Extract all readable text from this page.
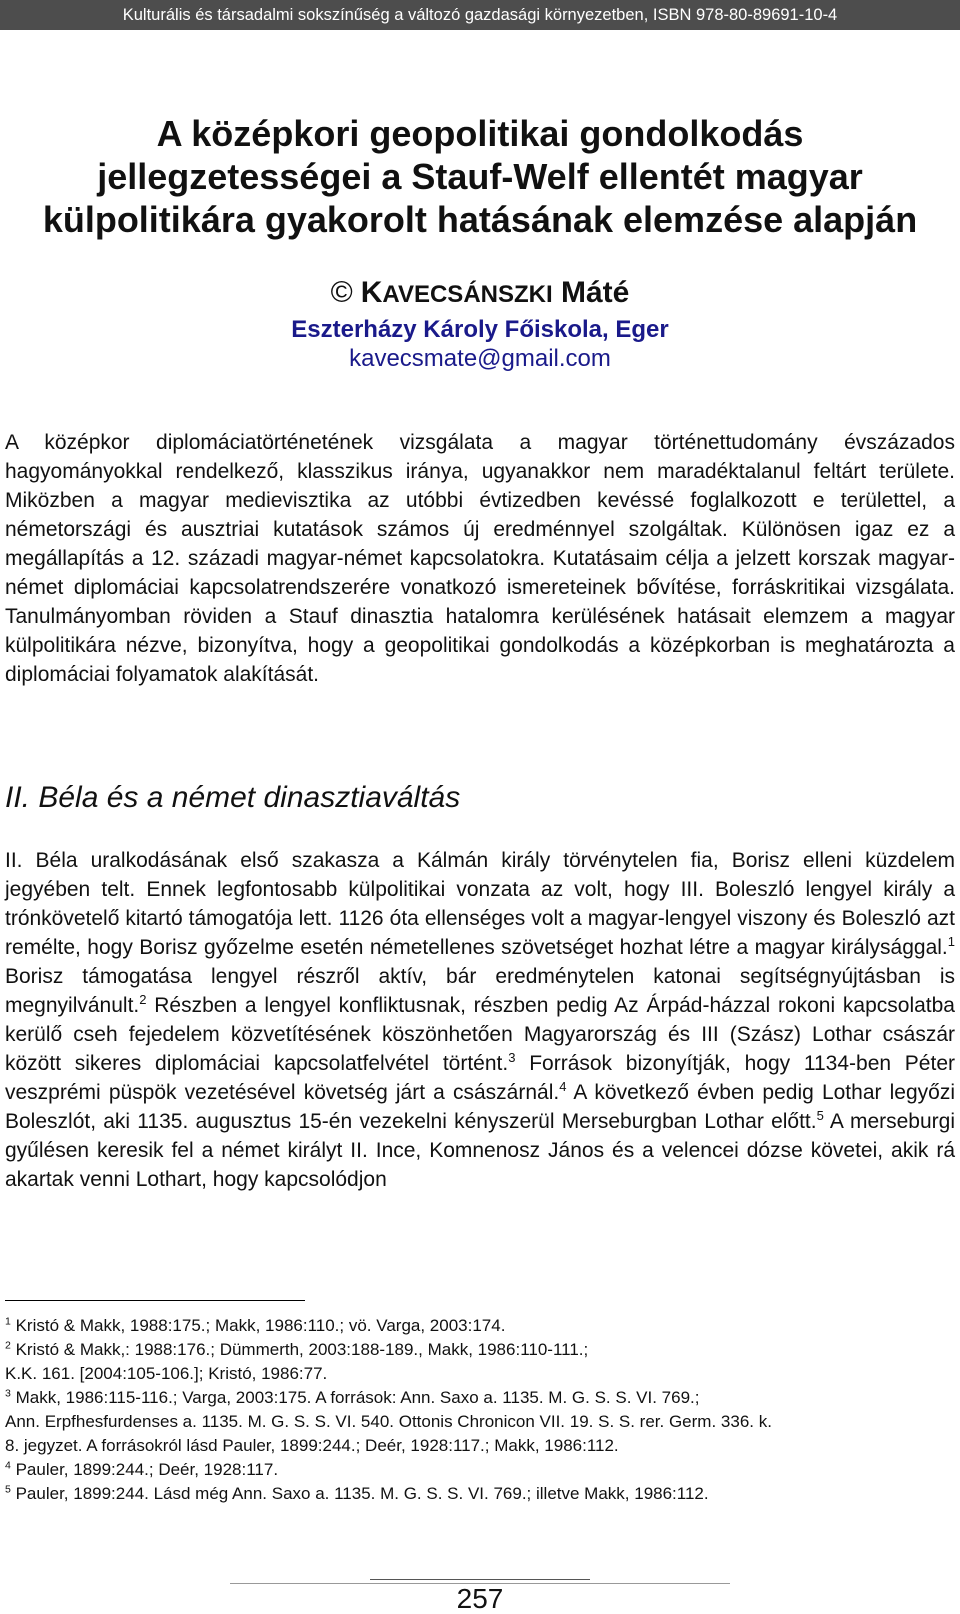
Kulturális és társadalmi sokszínűség a változó gazdasági környezetben, ISBN 978-80-89691-10-4
A középkori geopolitikai gondolkodás jellegzetességei a Stauf-Welf ellentét magyar külpolitikára gyakorolt hatásának elemzése alapján
© KAVECSÁNSZKI Máté
Eszterházy Károly Főiskola, Eger
kavecsmate@gmail.com
A középkor diplomáciatörténetének vizsgálata a magyar történettudomány évszázados hagyományokkal rendelkező, klasszikus iránya, ugyanakkor nem maradéktalanul feltárt területe. Miközben a magyar medievisztika az utóbbi évtizedben kevéssé foglalkozott e területtel, a németországi és ausztriai kutatások számos új eredménnyel szolgáltak. Különösen igaz ez a megállapítás a 12. századi magyar-német kapcsolatokra. Kutatásaim célja a jelzett korszak magyar-német diplomáciai kapcsolatrendszerére vonatkozó ismereteinek bővítése, forráskritikai vizsgálata. Tanulmányomban röviden a Stauf dinasztia hatalomra kerülésének hatásait elemzem a magyar külpolitikára nézve, bizonyítva, hogy a geopolitikai gondolkodás a középkorban is meghatározta a diplomáciai folyamatok alakítását.
II. Béla és a német dinasztiaváltás
II. Béla uralkodásának első szakasza a Kálmán király törvénytelen fia, Borisz elleni küzdelem jegyében telt. Ennek legfontosabb külpolitikai vonzata az volt, hogy III. Boleszló lengyel király a trónkövetelő kitartó támogatója lett. 1126 óta ellenséges volt a magyar-lengyel viszony és Boleszló azt remélte, hogy Borisz győzelme esetén németellenes szövetséget hozhat létre a magyar királysággal.$^1$ Borisz támogatása lengyel részről aktív, bár eredménytelen katonai segítségnyújtásban is megnyilvánult.$^2$ Részben a lengyel konfliktusnak, részben pedig Az Árpád-házzal rokoni kapcsolatba kerülő cseh fejedelem közvetítésének köszönhetően Magyarország és III (Szász) Lothar császár között sikeres diplomáciai kapcsolatfelvétel történt.$^3$ Források bizonyítják, hogy 1134-ben Péter veszprémi püspök vezetésével követség járt a császárnál.$^4$ A következő évben pedig Lothar legyőzi Boleszlót, aki 1135. augusztus 15-én vezekelni kényszerül Merseburgban Lothar előtt.$^5$ A merseburgi gyűlésen keresik fel a német királyt II. Ince, Komnenosz János és a velencei dózse követei, akik rá akartak venni Lothart, hogy kapcsolódjon

$^1$ Kristó & Makk, 1988:175.; Makk, 1986:110.; vö. Varga, 2003:174.

$^2$ Kristó & Makk,: 1988:176.; Dümmerth, 2003:188-189., Makk, 1986:110-111.;

K.K. 161. [2004:105-106.]; Kristó, 1986:77.

$^3$ Makk, 1986:115-116.; Varga, 2003:175. A források: Ann. Saxo a. 1135. M. G. S. S. VI. 769.;

Ann. Erpfhesfurdenses a. 1135. M. G. S. S. VI. 540. Ottonis Chronicon VII. 19. S. S. rer. Germ. 336. k.

8. jegyzet. A forrásokról lásd Pauler, 1899:244.; Deér, 1928:117.; Makk, 1986:112.

$^4$ Pauler, 1899:244.; Deér, 1928:117.

$^5$ Pauler, 1899:244. Lásd még Ann. Saxo a. 1135. M. G. S. S. VI. 769.; illetve Makk, 1986:112.

257
